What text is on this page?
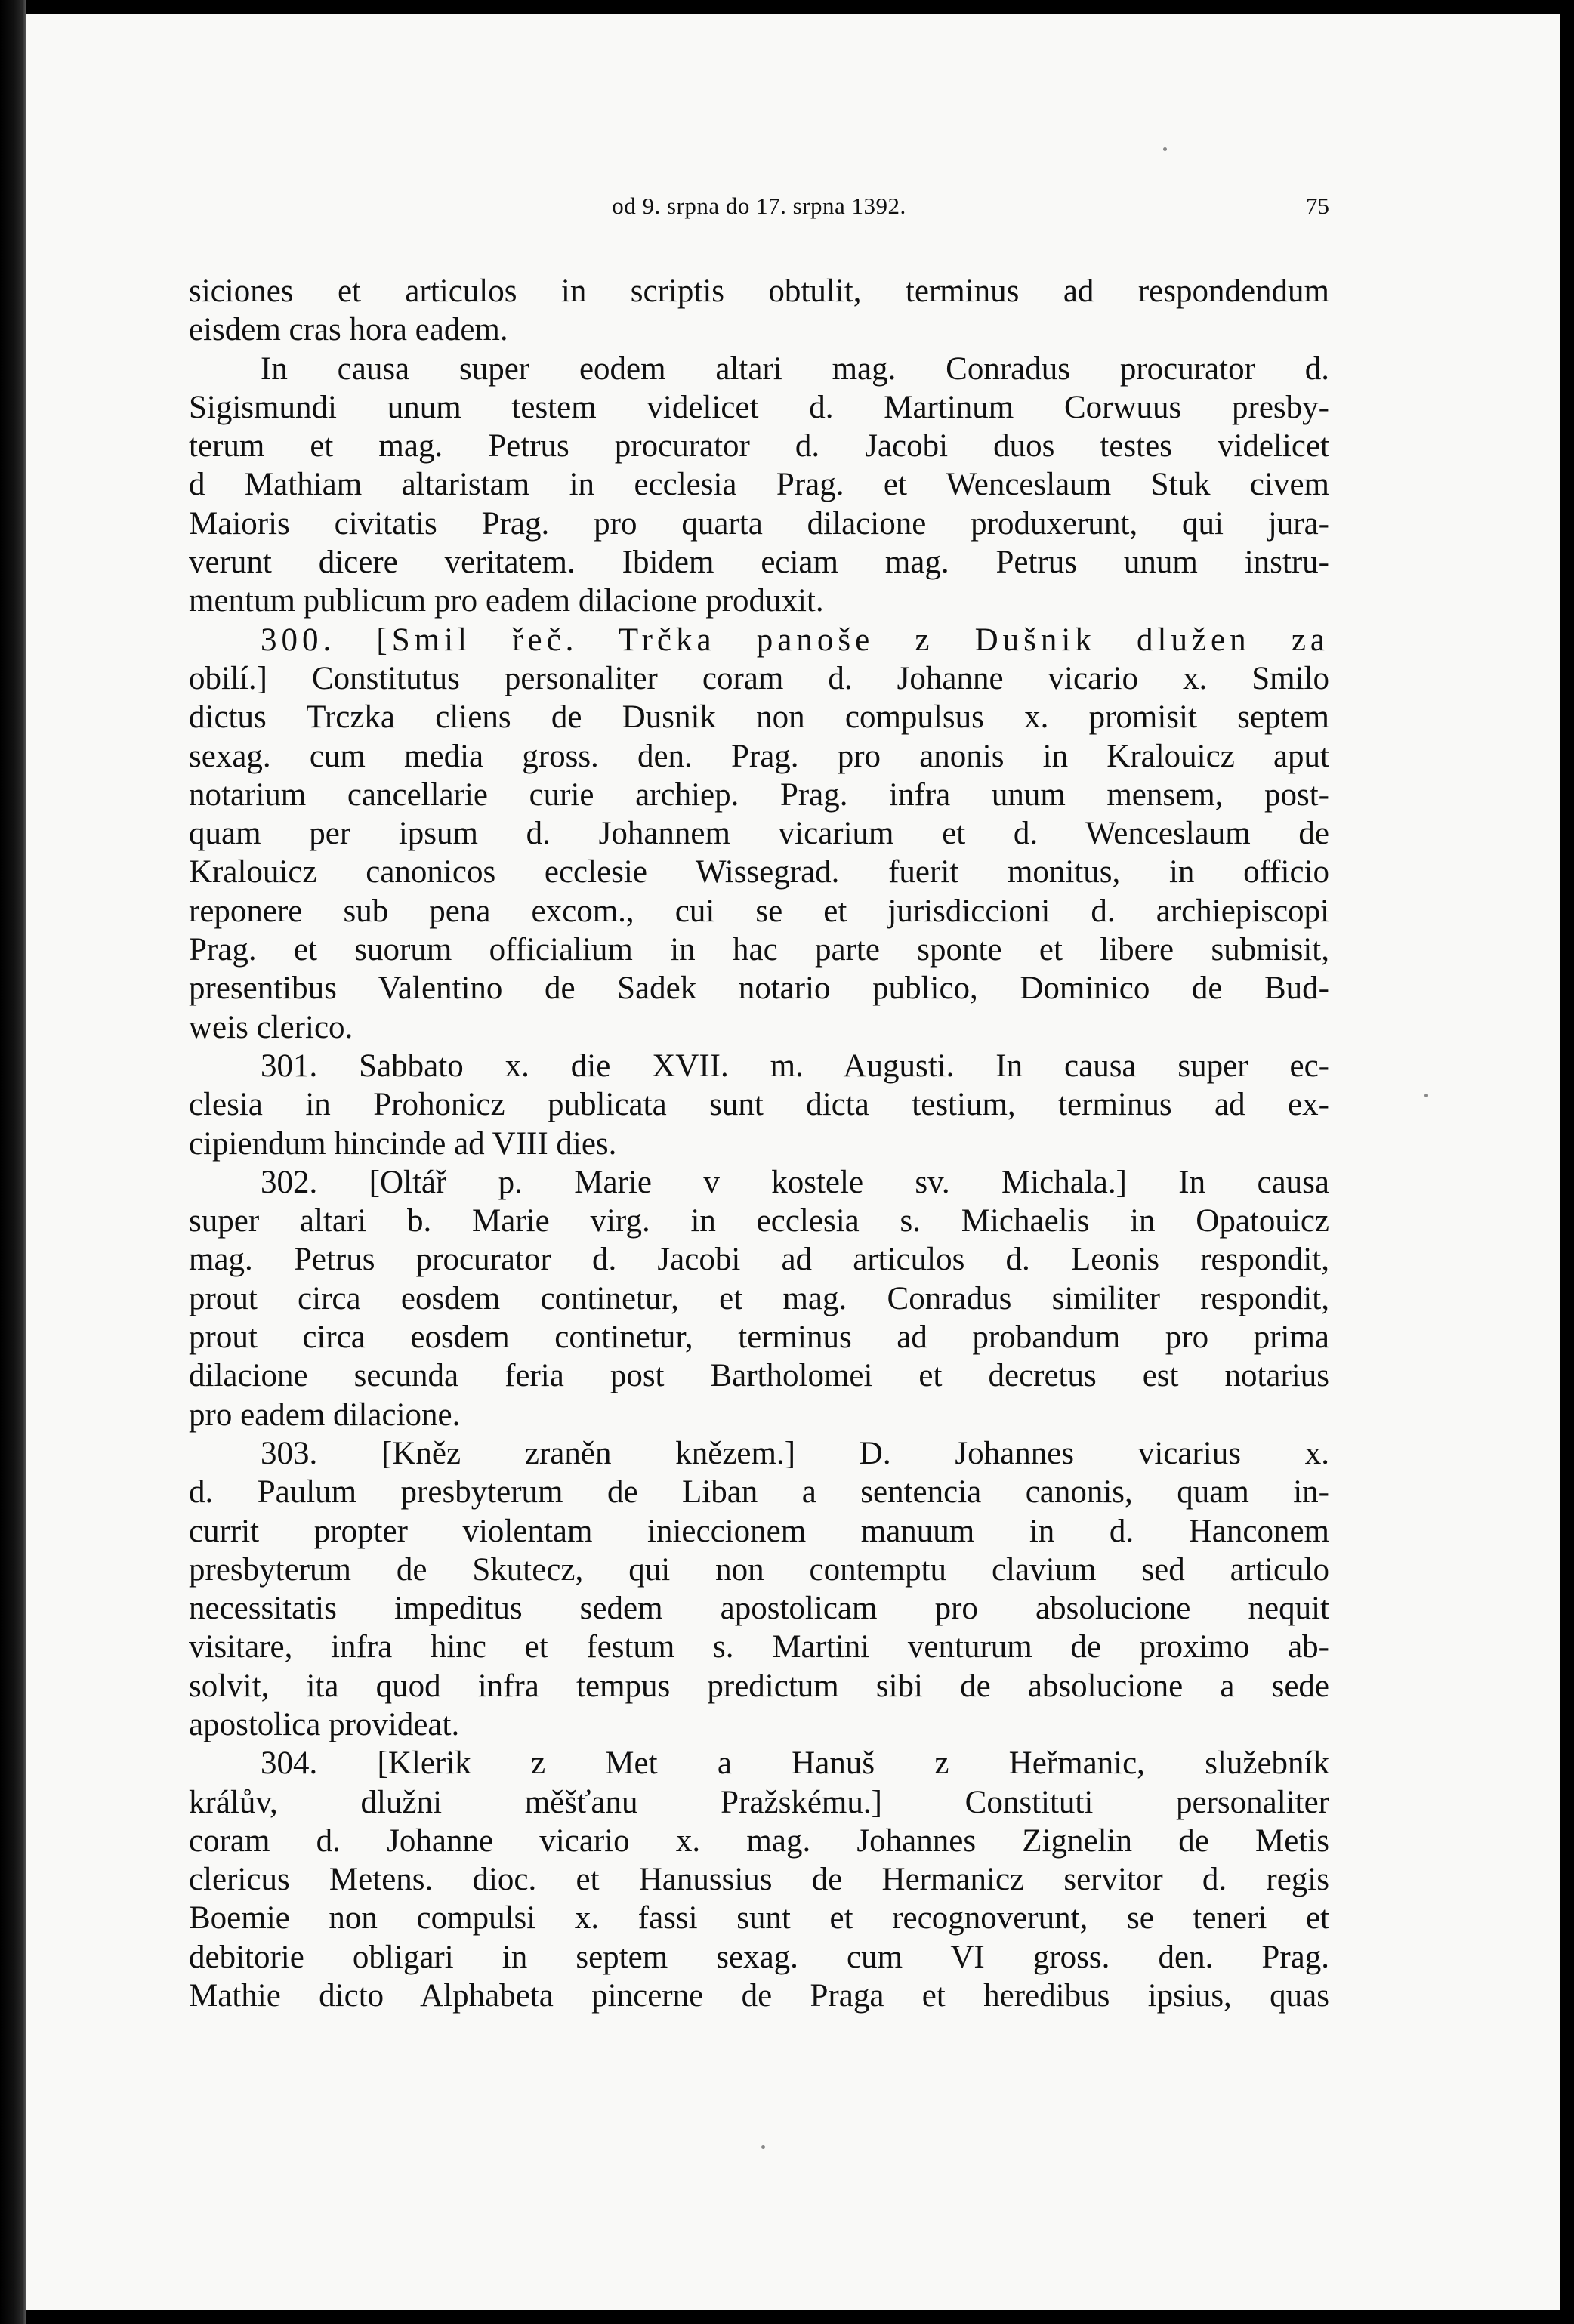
od 9. srpna do 17. srpna 1392.	75
siciones et articulos in scriptis obtulit, terminus ad respondendum
eisdem cras hora eadem.
In causa super eodem altari mag. Conradus procurator d.
Sigismundi unum testem videlicet d. Martinum Corwuus presby-
terum et mag. Petrus procurator d. Jacobi duos testes videlicet
d Mathiam altaristam in ecclesia Prag. et Wenceslaum Stuk civem
Maioris civitatis Prag. pro quarta dilacione produxerunt, qui jura-
verunt dicere veritatem. Ibidem eciam mag. Petrus unum instru-
mentum publicum pro eadem dilacione produxit.
300. [Smil řeč. Trčka panoše z Dušnik dlužen za
obilí.] Constitutus personaliter coram d. Johanne vicario x. Smilo
dictus Trczka cliens de Dusnik non compulsus x. promisit septem
sexag. cum media gross. den. Prag. pro anonis in Kralouicz aput
notarium cancellarie curie archiep. Prag. infra unum mensem, post-
quam per ipsum d. Johannem vicarium et d. Wenceslaum de
Kralouicz canonicos ecclesie Wissegrad. fuerit monitus, in officio
reponere sub pena excom., cui se et jurisdiccioni d. archiepiscopi
Prag. et suorum officialium in hac parte sponte et libere submisit,
presentibus Valentino de Sadek notario publico, Dominico de Bud-
weis clerico.
301. Sabbato x. die XVII. m. Augusti. In causa super ec-
clesia in Prohonicz publicata sunt dicta testium, terminus ad ex-
cipiendum hincinde ad VIII dies.
302. [Oltář p. Marie v kostele sv. Michala.] In causa
super altari b. Marie virg. in ecclesia s. Michaelis in Opatouicz
mag. Petrus procurator d. Jacobi ad articulos d. Leonis respondit,
prout circa eosdem continetur, et mag. Conradus similiter respondit,
prout circa eosdem continetur, terminus ad probandum pro prima
dilacione secunda feria post Bartholomei et decretus est notarius
pro eadem dilacione.
303. [Kněz zraněn knězem.] D. Johannes vicarius x.
d. Paulum presbyterum de Liban a sentencia canonis, quam in-
currit propter violentam inieccionem manuum in d. Hanconem
presbyterum de Skutecz, qui non contemptu clavium sed articulo
necessitatis impeditus sedem apostolicam pro absolucione nequit
visitare, infra hinc et festum s. Martini venturum de proximo ab-
solvit, ita quod infra tempus predictum sibi de absolucione a sede
apostolica provideat.
304. [Klerik z Met a Hanuš z Heřmanic, služebník
králův, dlužni měšťanu Pražskému.] Constituti personaliter
coram d. Johanne vicario x. mag. Johannes Zignelin de Metis
clericus Metens. dioc. et Hanussius de Hermanicz servitor d. regis
Boemie non compulsi x. fassi sunt et recognoverunt, se teneri et
debitorie obligari in septem sexag. cum VI gross. den. Prag.
Mathie dicto Alphabeta pincerne de Praga et heredibus ipsius, quas
